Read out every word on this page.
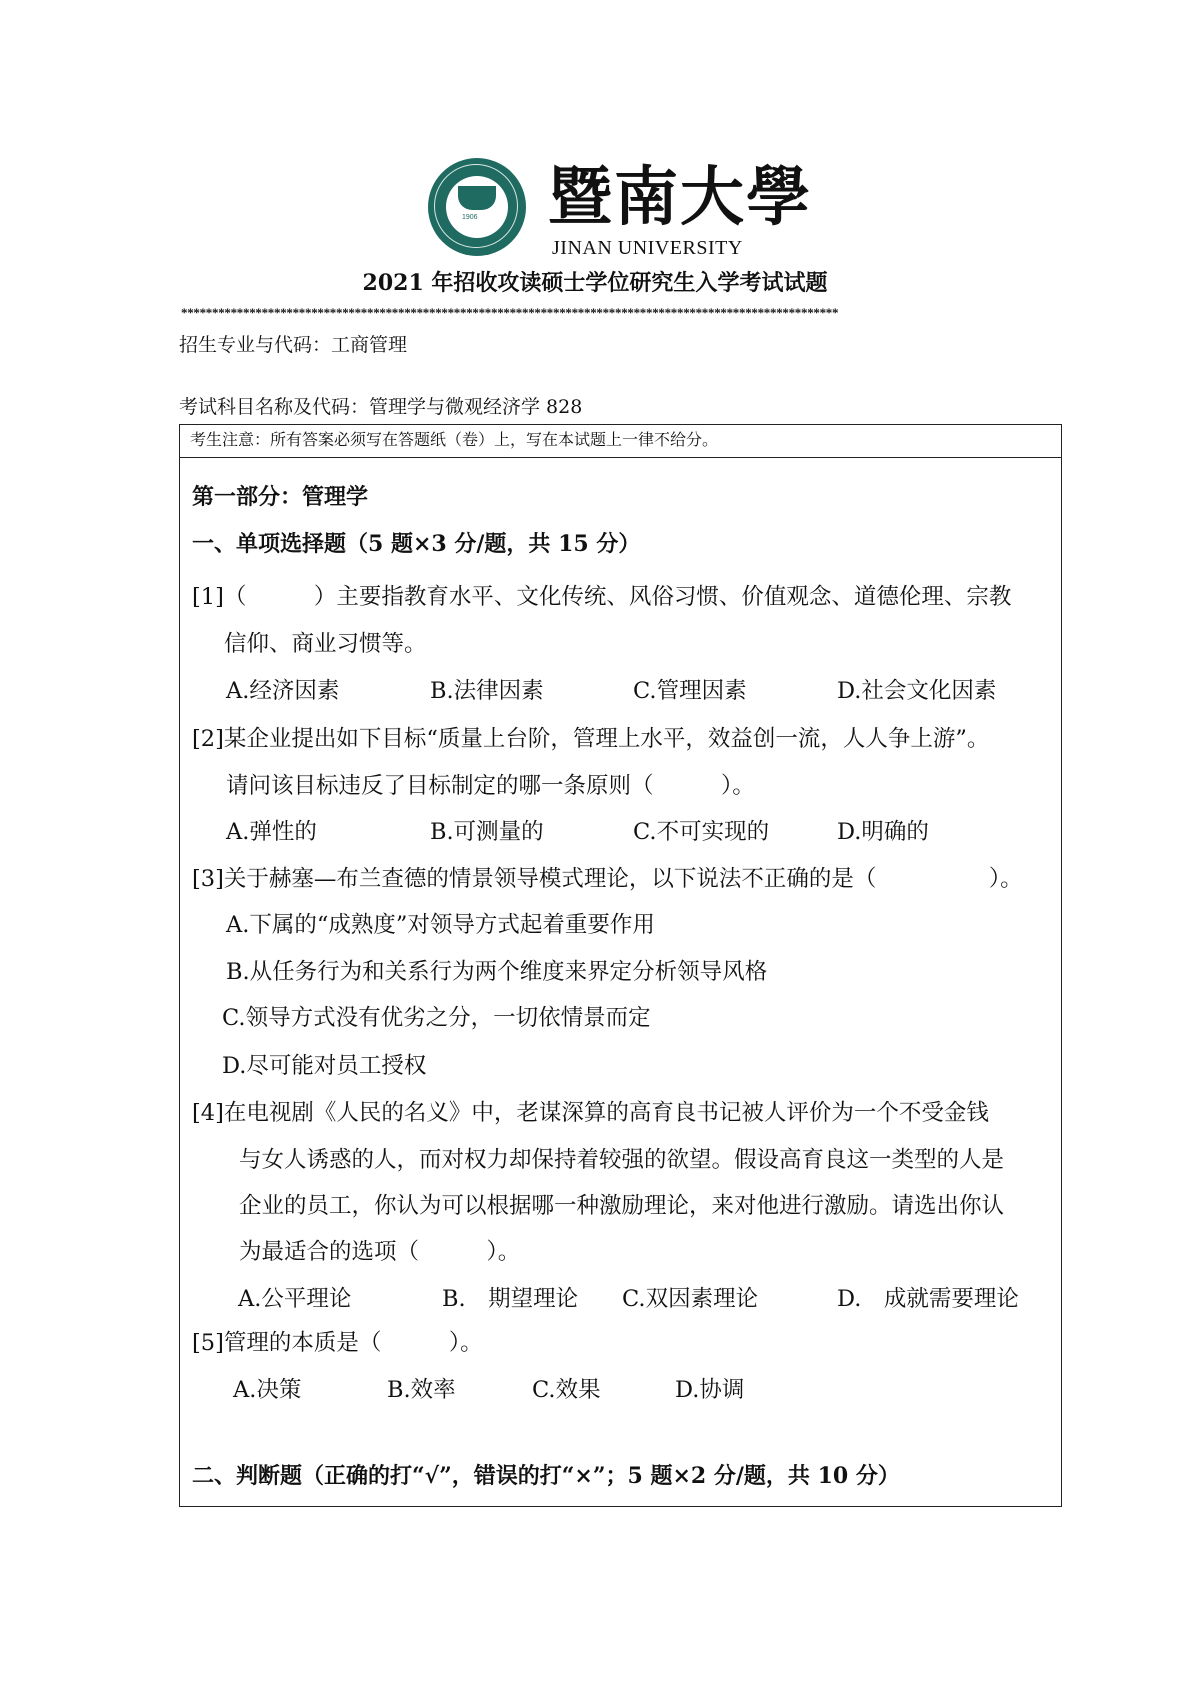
1906 暨南大學
JINAN UNIVERSITY
2021 年招收攻读硕士学位研究生入学考试试题
**********************************************************************************************************
招生专业与代码：工商管理
考试科目名称及代码：管理学与微观经济学 828
考生注意：所有答案必须写在答题纸（卷）上，写在本试题上一律不给分。
第一部分：管理学
一、单项选择题（5 题×3 分/题，共 15 分）
[1]（　　　）主要指教育水平、文化传统、风俗习惯、价值观念、道德伦理、宗教
信仰、商业习惯等。
A.经济因素	B.法律因素	C.管理因素	D.社会文化因素
[2]某企业提出如下目标“质量上台阶，管理上水平，效益创一流，人人争上游”。
请问该目标违反了目标制定的哪一条原则（　　　）。
A.弹性的	B.可测量的	C.不可实现的	D.明确的
[3]关于赫塞—布兰查德的情景领导模式理论，以下说法不正确的是（　　　　　）。
A.下属的“成熟度”对领导方式起着重要作用
B.从任务行为和关系行为两个维度来界定分析领导风格
C.领导方式没有优劣之分，一切依情景而定
D.尽可能对员工授权
[4]在电视剧《人民的名义》中，老谋深算的高育良书记被人评价为一个不受金钱
与女人诱惑的人，而对权力却保持着较强的欲望。假设高育良这一类型的人是
企业的员工，你认为可以根据哪一种激励理论，来对他进行激励。请选出你认
为最适合的选项（　　　）。
A.公平理论	B.　期望理论 C.双因素理论	D.　成就需要理论
[5]管理的本质是（　　　）。
A.决策	B.效率	C.效果	D.协调
二、判断题（正确的打“√”，错误的打“×”；5 题×2 分/题，共 10 分）
